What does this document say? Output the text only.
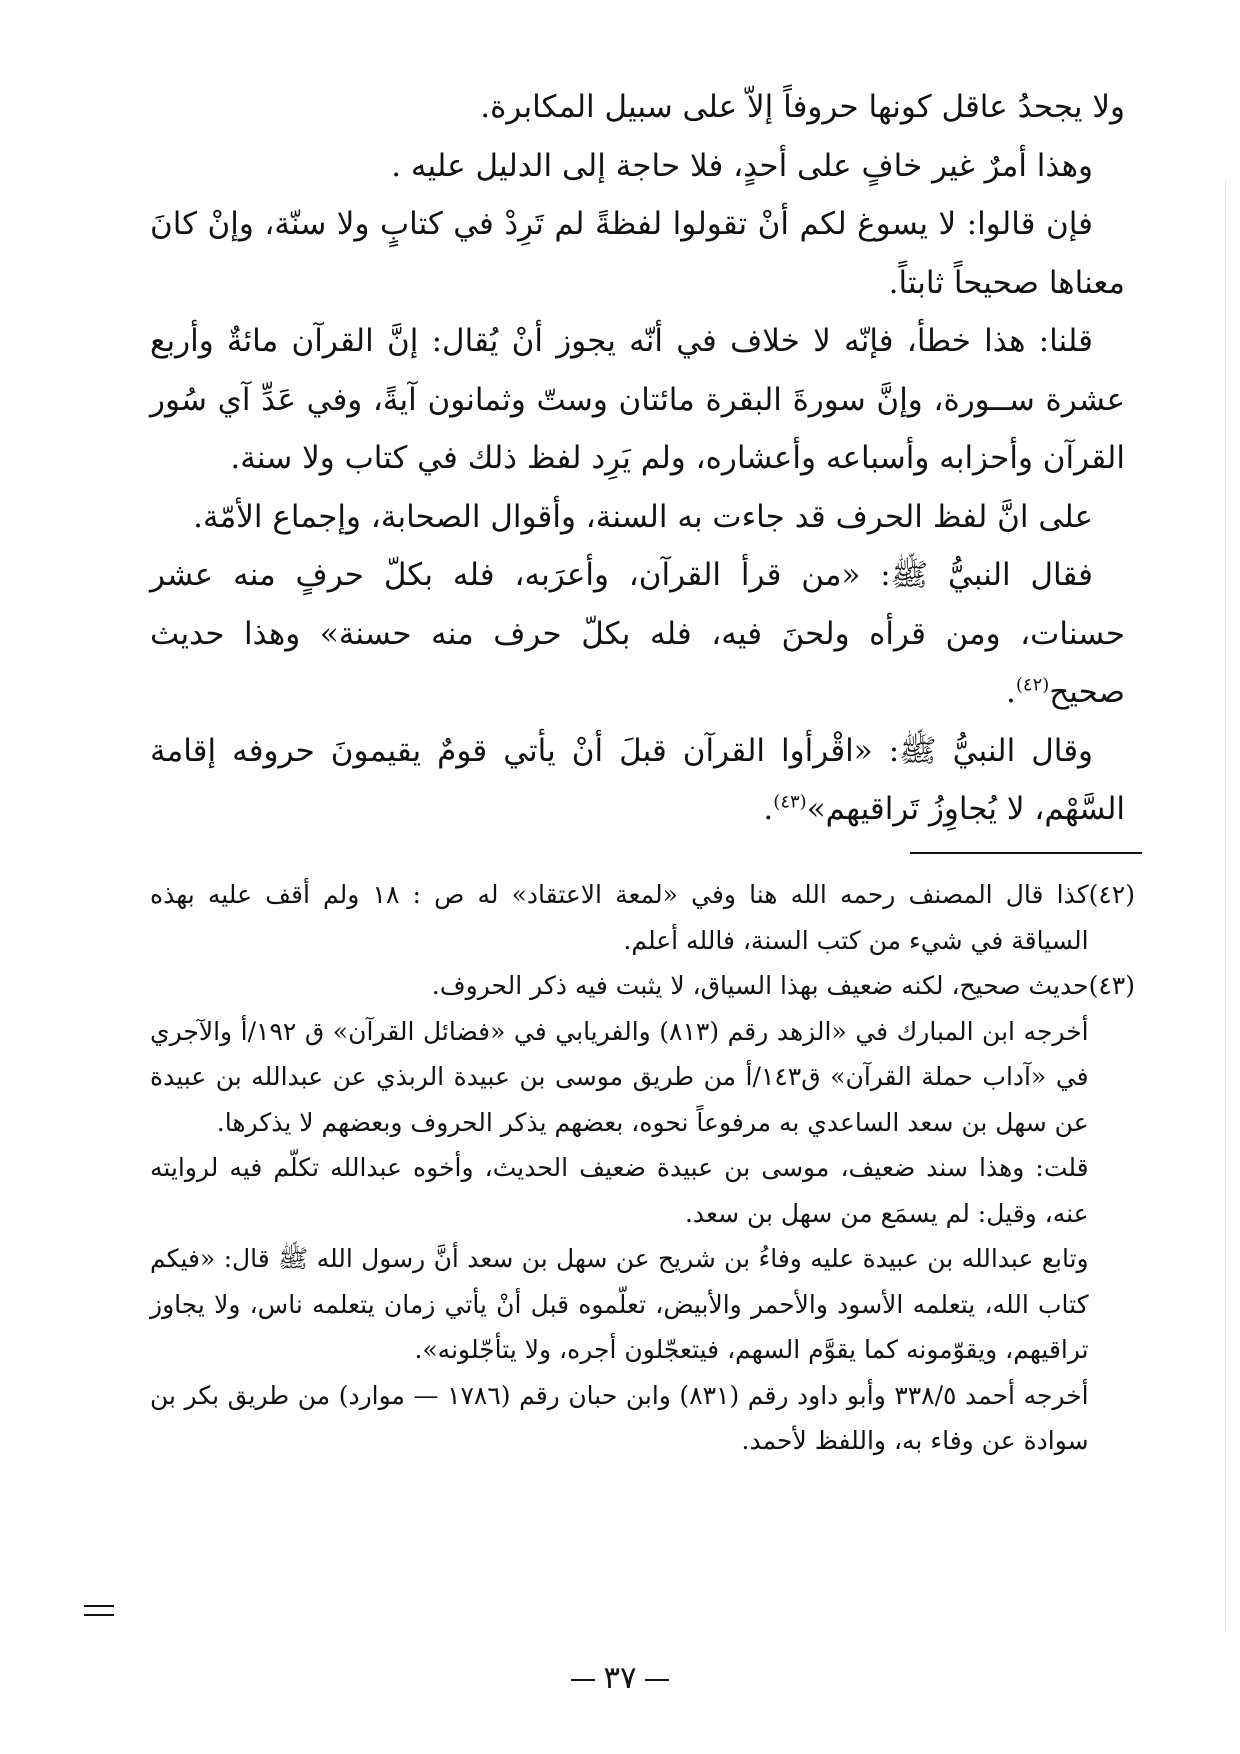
ولا يجحدُ عاقل كونها حروفاً إلاّ على سبيل المكابرة.

وهذا أمرٌ غير خافٍ على أحدٍ، فلا حاجة إلى الدليل عليه .

فإن قالوا: لا يسوغ لكم أنْ تقولوا لفظةً لم تَرِدْ في كتابٍ ولا سنّة، وإنْ كانَ معناها صحيحاً ثابتاً.

قلنا: هذا خطأ، فإنّه لا خلاف في أنّه يجوز أنْ يُقال: إنَّ القرآن مائةٌ وأربع عشرة ســورة، وإنَّ سورةَ البقرة مائتان وستّ وثمانون آيةً، وفي عَدِّ آي سُور القرآن وأحزابه وأسباعه وأعشاره، ولم يَرِد لفظ ذلك في كتاب ولا سنة.

على انَّ لفظ الحرف قد جاءت به السنة، وأقوال الصحابة، وإجماع الأمّة.

فقال النبيُّ ﷺ: «من قرأ القرآن، وأعرَبه، فله بكلّ حرفٍ منه عشر حسنات، ومن قرأه ولحنَ فيه، فله بكلّ حرف منه حسنة» وهذا حديث صحيح$^{(٤٢)}$.

وقال النبيُّ ﷺ: «اقْرأوا القرآن قبلَ أنْ يأتي قومٌ يقيمونَ حروفه إقامة السَّهْم، لا يُجاوِزُ تَراقيهم»$^{(٤٣)}$.

(٤٢)

كذا قال المصنف رحمه الله هنا وفي «لمعة الاعتقاد» له ص : ١٨ ولم أقف عليه بهذه السياقة في شيء من كتب السنة، فالله أعلم.

(٤٣)

حديث صحيح، لكنه ضعيف بهذا السياق، لا يثبت فيه ذكر الحروف.

أخرجه ابن المبارك في «الزهد رقم (٨١٣) والفريابي في «فضائل القرآن» ق ١٩٢/أ والآجري في «آداب حملة القرآن» ق١٤٣/أ من طريق موسى بن عبيدة الربذي عن عبدالله بن عبيدة عن سهل بن سعد الساعدي به مرفوعاً نحوه، بعضهم يذكر الحروف وبعضهم لا يذكرها.

قلت: وهذا سند ضعيف، موسى بن عبيدة ضعيف الحديث، وأخوه عبدالله تكلّم فيه لروايته عنه، وقيل: لم يسمَع من سهل بن سعد.

وتابع عبدالله بن عبيدة عليه وفاءُ بن شريح عن سهل بن سعد أنَّ رسول الله ﷺ قال: «فيكم كتاب الله، يتعلمه الأسود والأحمر والأبيض، تعلّموه قبل أنْ يأتي زمان يتعلمه ناس، ولا يجاوز تراقيهم، ويقوّمونه كما يقوَّم السهم، فيتعجّلون أجره، ولا يتأجّلونه».

أخرجه أحمد ٣٣٨/٥ وأبو داود رقم (٨٣١) وابن حبان رقم (١٧٨٦ — موارد) من طريق بكر بن سوادة عن وفاء به، واللفظ لأحمد.

٣٧
